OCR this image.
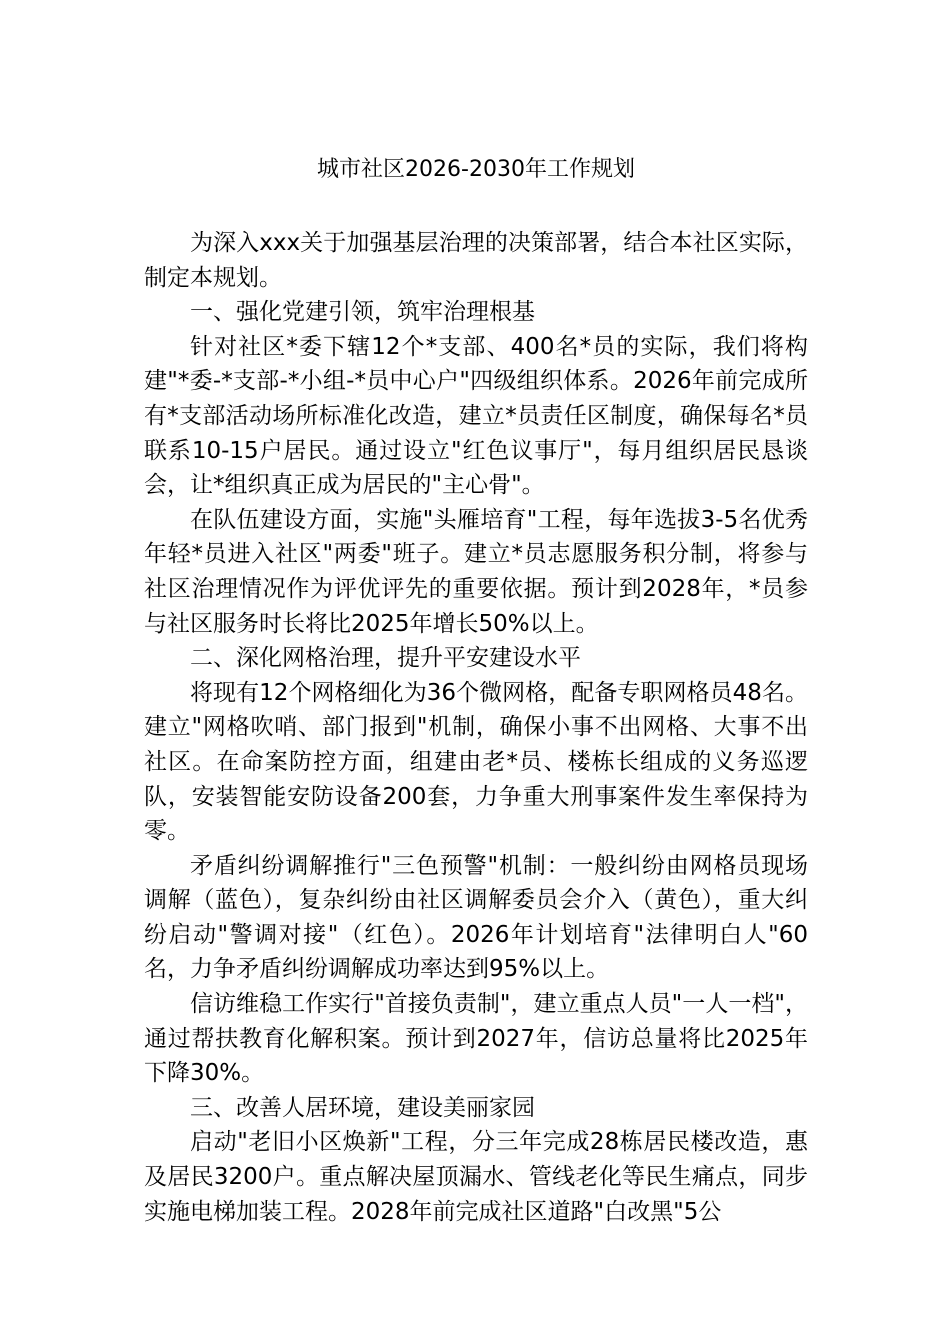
城市社区2026-2030年工作规划

为深入xxx关于加强基层治理的决策部署，结合本社区实际，制定本规划。

一、强化党建引领，筑牢治理根基

针对社区*委下辖12个*支部、400名*员的实际，我们将构建"*委-*支部-*小组-*员中心户"四级组织体系。2026年前完成所有*支部活动场所标准化改造，建立*员责任区制度，确保每名*员联系10-15户居民。通过设立"红色议事厅"，每月组织居民恳谈会，让*组织真正成为居民的"主心骨"。

在队伍建设方面，实施"头雁培育"工程，每年选拔3-5名优秀年轻*员进入社区"两委"班子。建立*员志愿服务积分制，将参与社区治理情况作为评优评先的重要依据。预计到2028年，*员参与社区服务时长将比2025年增长50%以上。

二、深化网格治理，提升平安建设水平

将现有12个网格细化为36个微网格，配备专职网格员48名。建立"网格吹哨、部门报到"机制，确保小事不出网格、大事不出社区。在命案防控方面，组建由老*员、楼栋长组成的义务巡逻队，安装智能安防设备200套，力争重大刑事案件发生率保持为零。

矛盾纠纷调解推行"三色预警"机制：一般纠纷由网格员现场调解（蓝色），复杂纠纷由社区调解委员会介入（黄色），重大纠纷启动"警调对接"（红色）。2026年计划培育"法律明白人"60名，力争矛盾纠纷调解成功率达到95%以上。

信访维稳工作实行"首接负责制"，建立重点人员"一人一档"，通过帮扶教育化解积案。预计到2027年，信访总量将比2025年下降30%。

三、改善人居环境，建设美丽家园

启动"老旧小区焕新"工程，分三年完成28栋居民楼改造，惠及居民3200户。重点解决屋顶漏水、管线老化等民生痛点，同步实施电梯加装工程。2028年前完成社区道路"白改黑"5公
